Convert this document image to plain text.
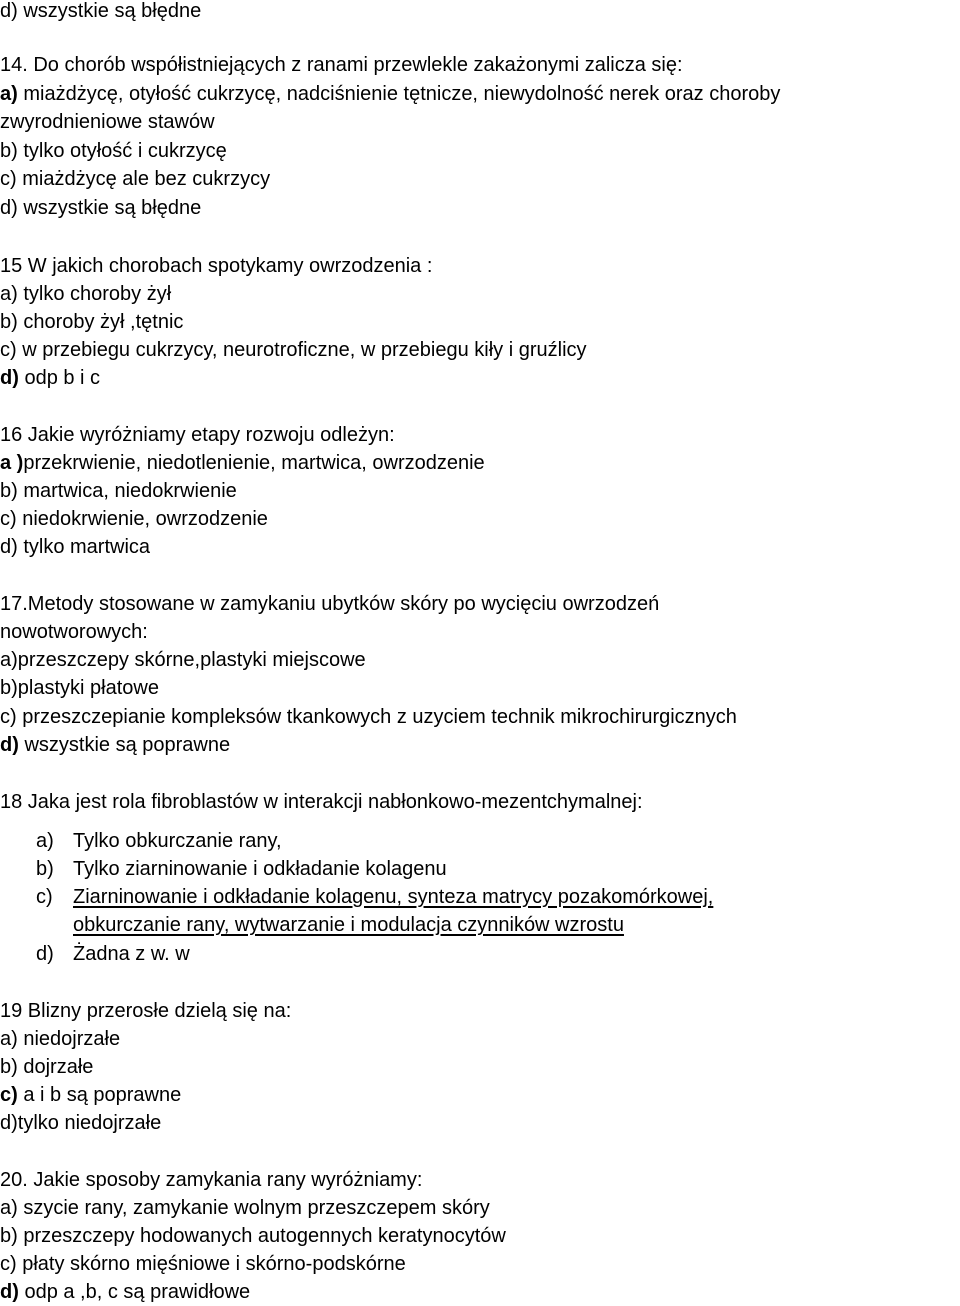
d) wszystkie są błędne
14. Do chorób współistniejących z ranami przewlekle zakażonymi zalicza się:
a) miażdżycę, otyłość cukrzycę, nadciśnienie tętnicze, niewydolność nerek oraz choroby
zwyrodnieniowe stawów
b) tylko otyłość i cukrzycę
c) miażdżycę ale bez cukrzycy
d) wszystkie są błędne
15 W jakich chorobach spotykamy owrzodzenia :
a) tylko choroby żył
b) choroby żył ,tętnic
c) w przebiegu cukrzycy, neurotroficzne, w przebiegu kiły i gruźlicy
d) odp b i c
16 Jakie wyróżniamy etapy rozwoju odleżyn:
a )przekrwienie, niedotlenienie, martwica, owrzodzenie
b) martwica, niedokrwienie
c) niedokrwienie, owrzodzenie
d) tylko martwica
17.Metody stosowane w zamykaniu ubytków skóry po wycięciu owrzodzeń
nowotworowych:
a)przeszczepy skórne,plastyki miejscowe
b)plastyki płatowe
c) przeszczepianie kompleksów tkankowych z uzyciem technik mikrochirurgicznych
d) wszystkie są poprawne
18 Jaka jest rola fibroblastów w interakcji nabłonkowo-mezentchymalnej:
a) Tylko obkurczanie rany,
b) Tylko ziarninowanie i odkładanie kolagenu
c) Ziarninowanie i odkładanie kolagenu, synteza matrycy pozakomórkowej,
obkurczanie rany, wytwarzanie i modulacja czynników wzrostu
d) Żadna z w. w
19 Blizny przerosłe dzielą się na:
a) niedojrzałe
b) dojrzałe
c) a i b są poprawne
d)tylko niedojrzałe
20. Jakie sposoby zamykania rany wyróżniamy:
a) szycie rany, zamykanie wolnym przeszczepem skóry
b) przeszczepy hodowanych autogennych keratynocytów
c) płaty skórno mięśniowe i skórno-podskórne
d) odp a ,b, c są prawidłowe
